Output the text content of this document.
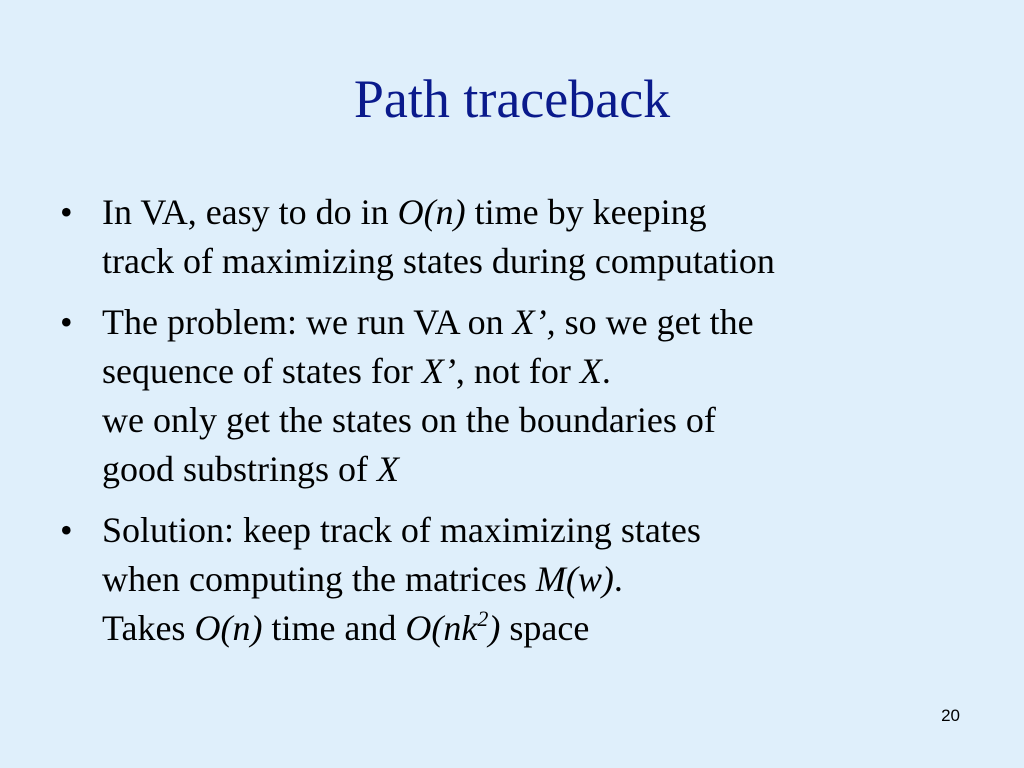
Path traceback
• In VA, easy to do in O(n) time by keeping
track of maximizing states during computation
• The problem: we run VA on X’, so we get the
sequence of states for X’, not for X.
we only get the states on the boundaries of
good substrings of X
• Solution: keep track of maximizing states
when computing the matrices M(w).
Takes O(n) time and $O(nk^2)$ space
20
